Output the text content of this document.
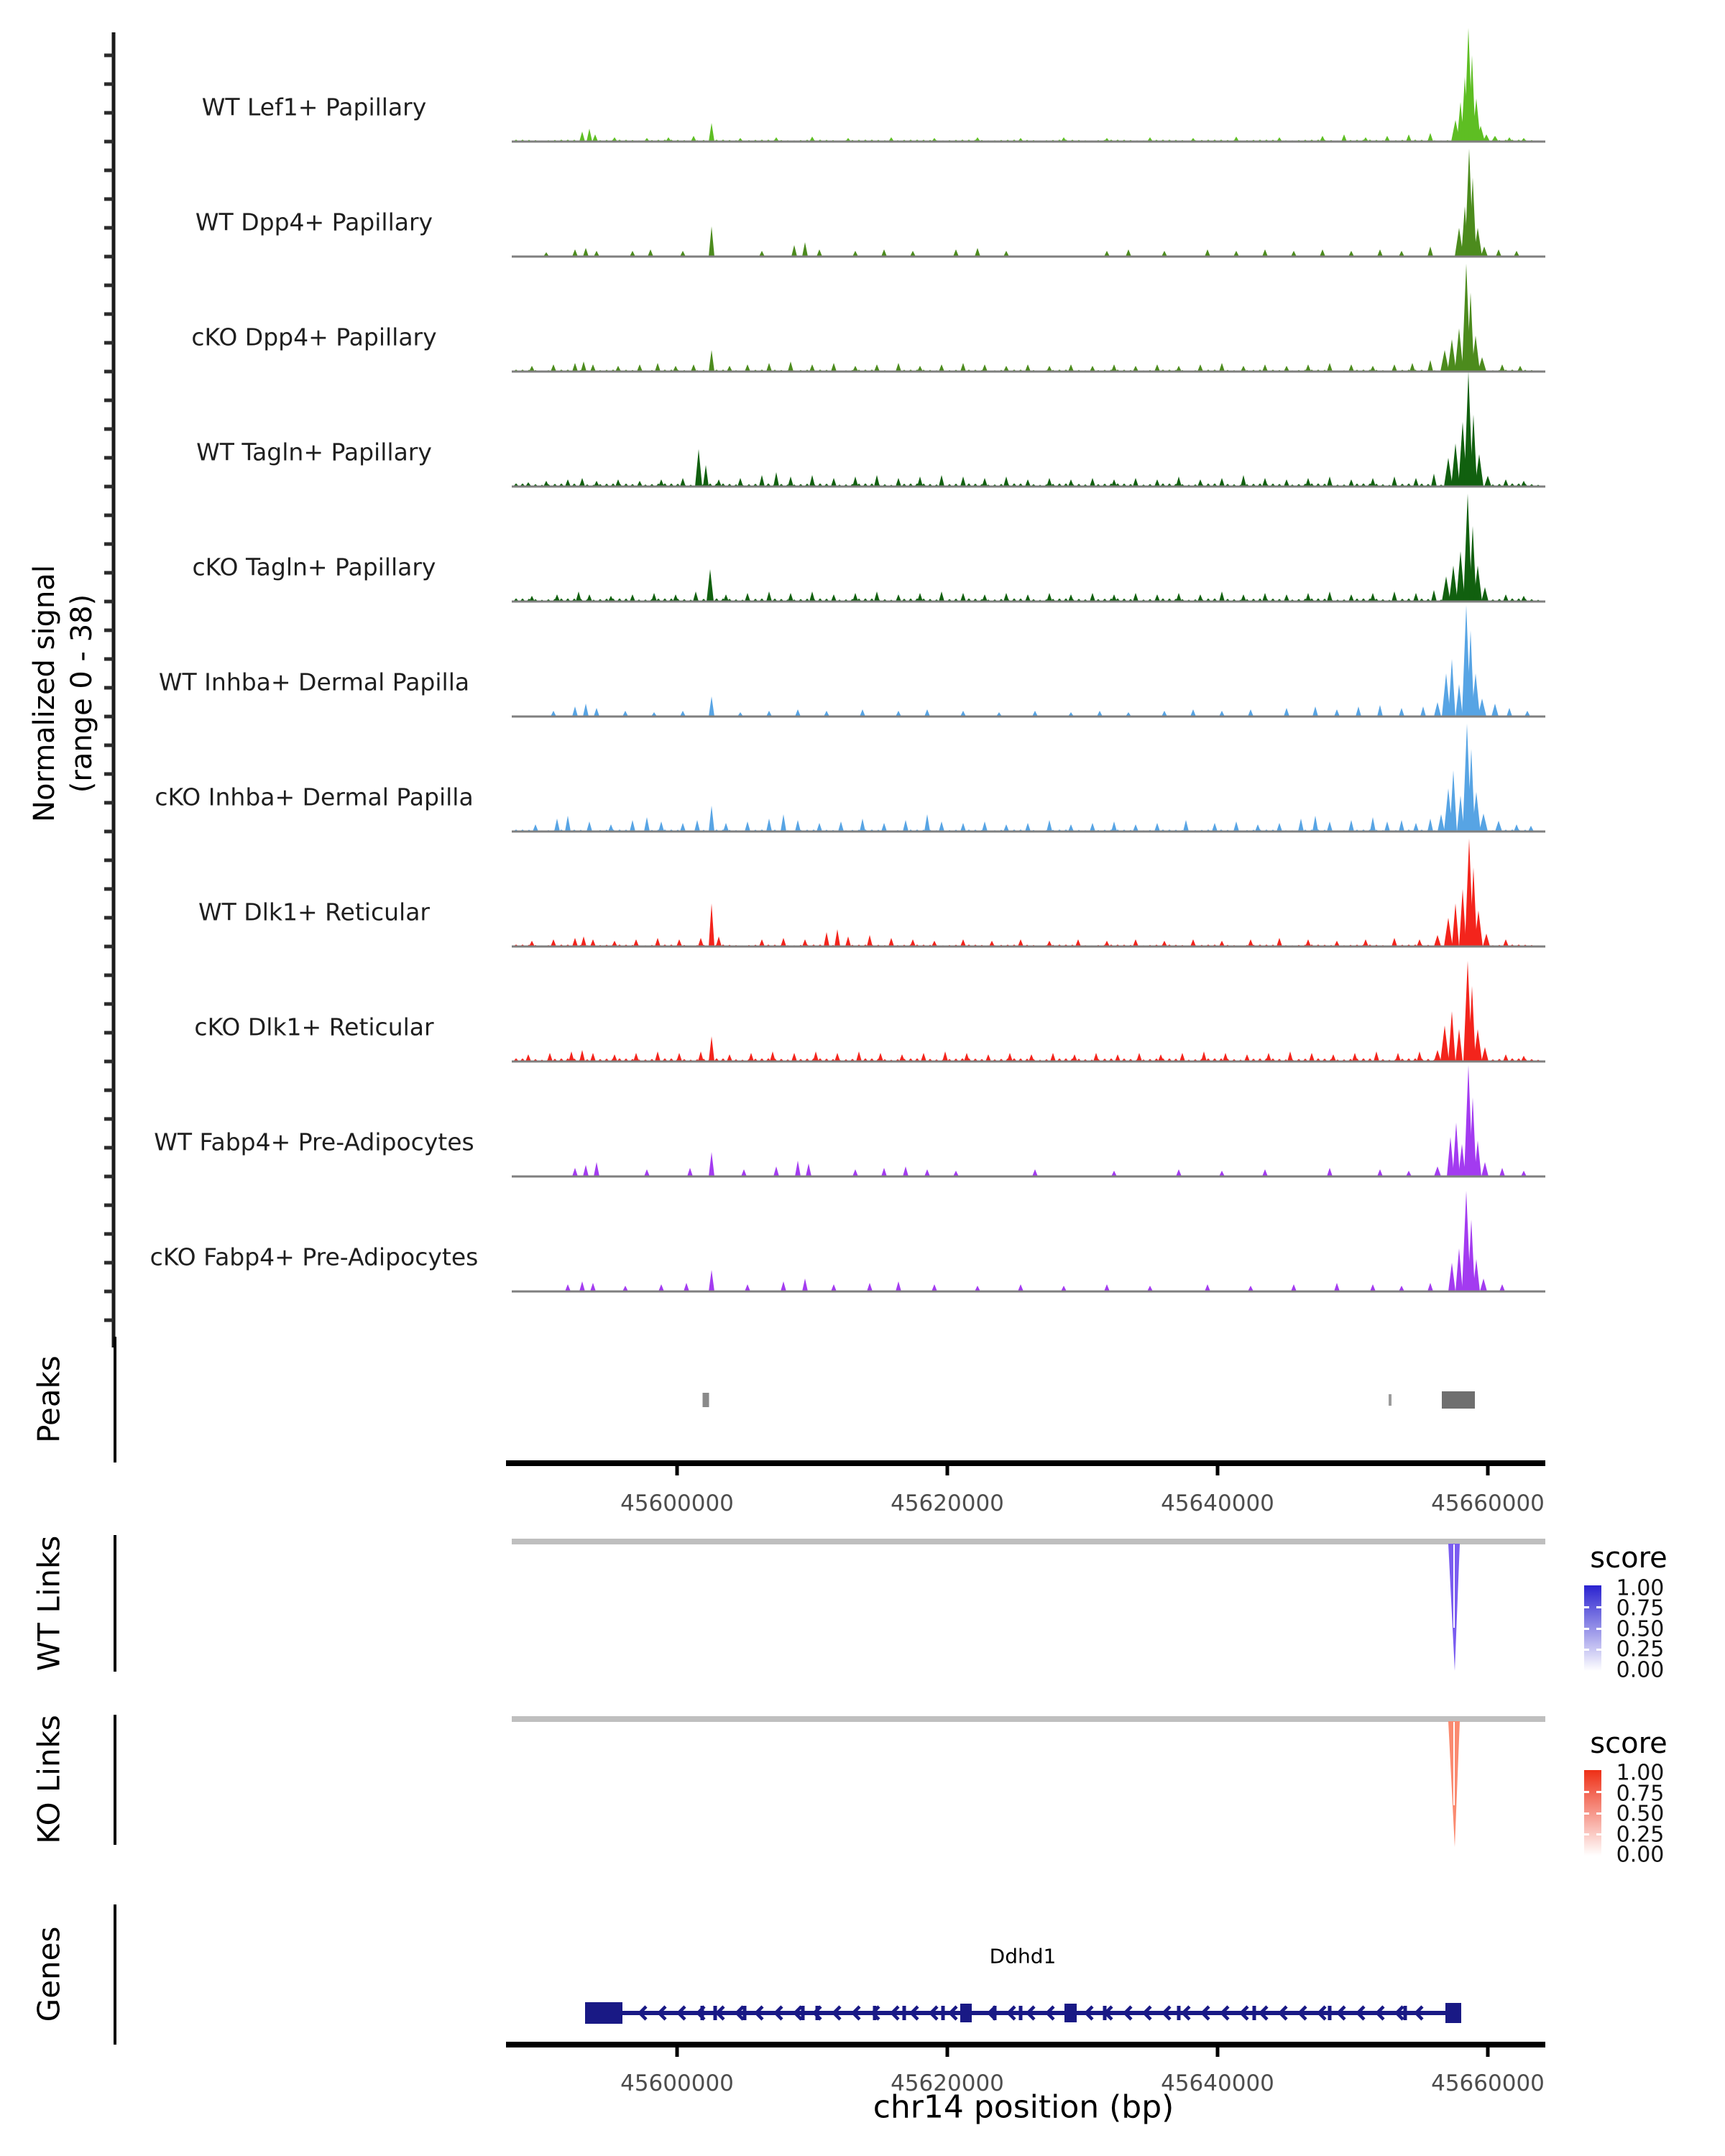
Normalized signal (range 0 - 38)
Peaks
WT Links
KO Links
Genes
score
score
Ddhd1
chr14 position (bp)
WT Lef1+ Papillary
WT Dpp4+ Papillary
cKO Dpp4+ Papillary
WT Tagln+ Papillary
cKO Tagln+ Papillary
WT Inhba+ Dermal Papilla
cKO Inhba+ Dermal Papilla
WT Dlk1+ Reticular
cKO Dlk1+ Reticular
WT Fabp4+ Pre-Adipocytes
cKO Fabp4+ Pre-Adipocytes
45600000	45620000	45640000	45660000
45600000	45620000	45640000	45660000
1.00
0.75
0.50
0.25
0.00
1.00
0.75
0.50
0.25
0.00
